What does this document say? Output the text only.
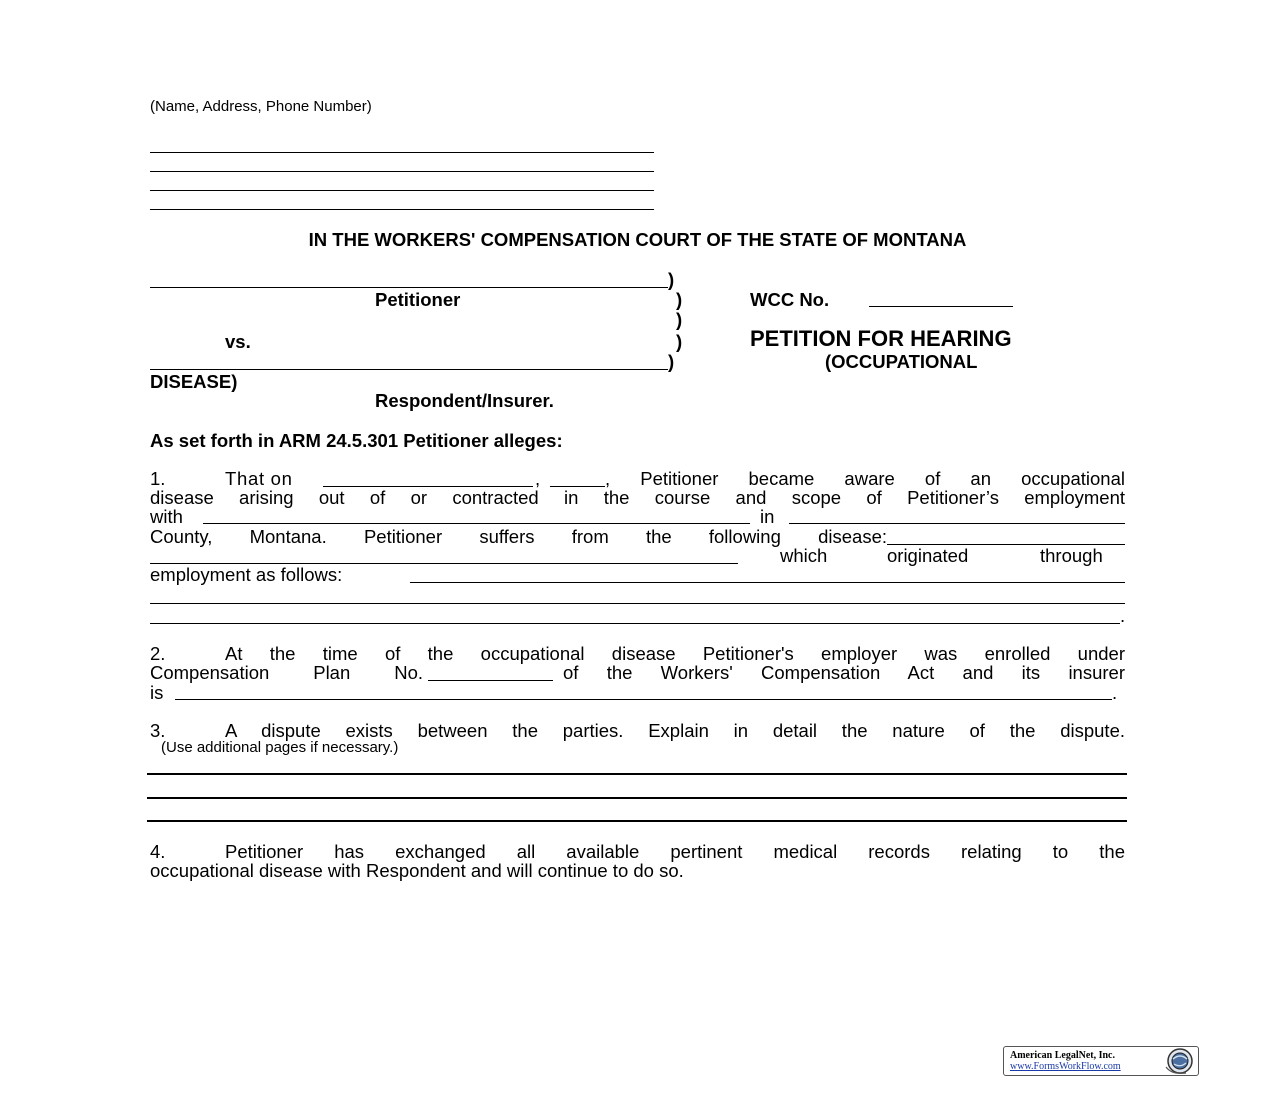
(Name, Address, Phone Number)
IN THE WORKERS' COMPENSATION COURT OF THE STATE OF MONTANA
)
Petitioner	)
)
vs.	)
)
DISEASE)
Respondent/Insurer.
WCC No.
PETITION FOR HEARING
(OCCUPATIONAL
As set forth in ARM 24.5.301 Petitioner alleges:
1.	That on	,	, Petitioner became aware of an occupational
disease arising out of or contracted in the course and scope of Petitioner’s employment
with	in
County, Montana. Petitioner suffers from the following disease:
which	originated	through
employment as follows:
.
2.	At the time of the occupational disease Petitioner's employer was enrolled under
Compensation Plan No.	of the Workers' Compensation Act and its insurer
is	.
3.	A dispute exists between the parties. Explain in detail the nature of the dispute.
(Use additional pages if necessary.)
4.	Petitioner has exchanged all available pertinent medical records relating to the
occupational disease with Respondent and will continue to do so.
American LegalNet, Inc.
www.FormsWorkFlow.com
